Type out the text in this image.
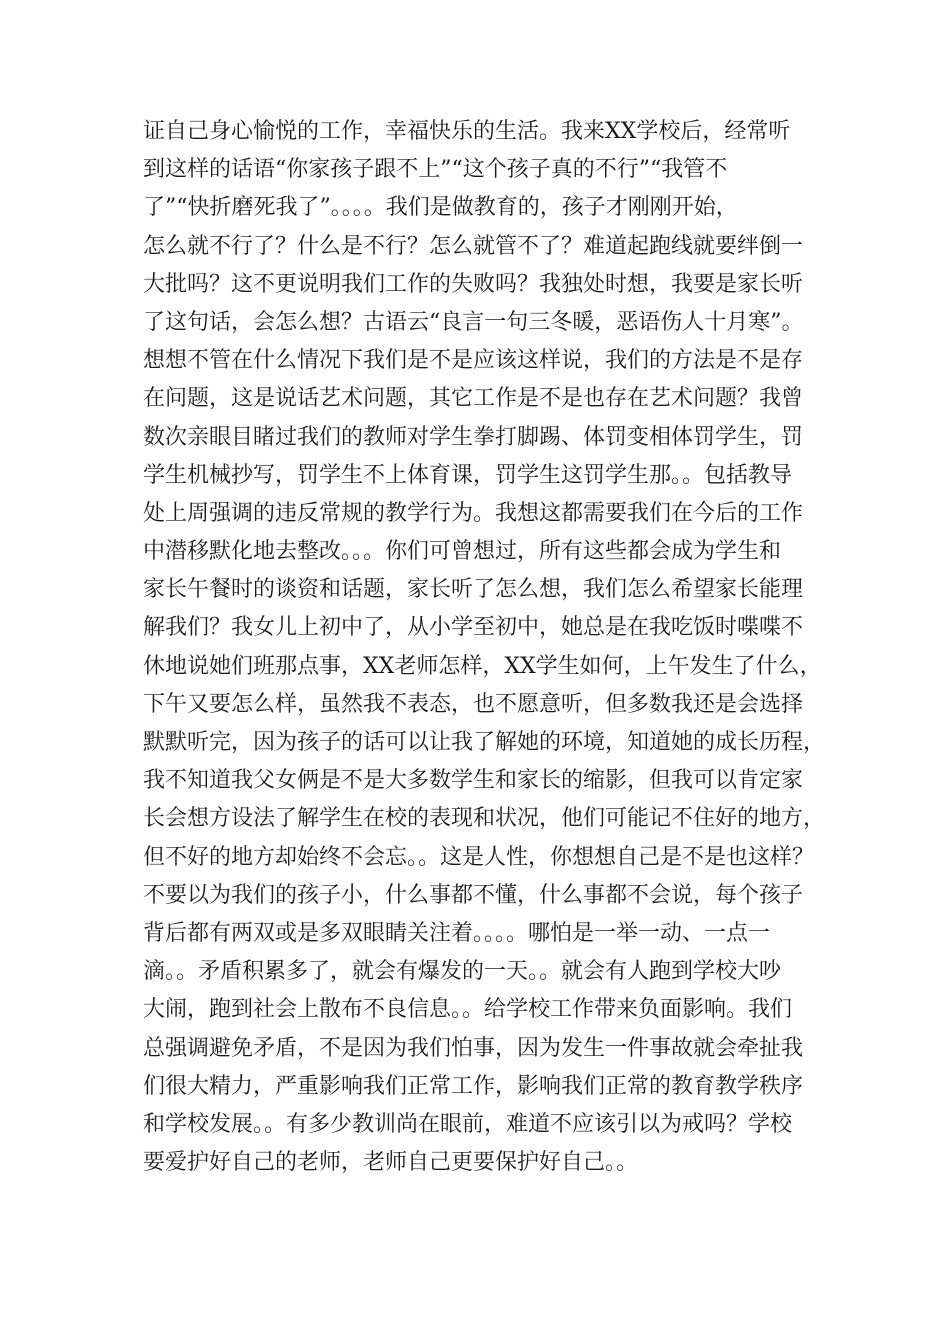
证自己身心愉悦的工作，幸福快乐的生活。我来XX学校后，经常听
到这样的话语“你家孩子跟不上”“这个孩子真的不行”“我管不
了”“快折磨死我了”。。。。我们是做教育的，孩子才刚刚开始，
怎么就不行了？什么是不行？怎么就管不了？难道起跑线就要绊倒一
大批吗？这不更说明我们工作的失败吗？我独处时想，我要是家长听
了这句话，会怎么想？古语云“良言一句三冬暖，恶语伤人十月寒”。
想想不管在什么情况下我们是不是应该这样说，我们的方法是不是存
在问题，这是说话艺术问题，其它工作是不是也存在艺术问题？我曾
数次亲眼目睹过我们的教师对学生拳打脚踢、体罚变相体罚学生，罚
学生机械抄写，罚学生不上体育课，罚学生这罚学生那。。包括教导
处上周强调的违反常规的教学行为。我想这都需要我们在今后的工作
中潜移默化地去整改。。。你们可曾想过，所有这些都会成为学生和
家长午餐时的谈资和话题，家长听了怎么想，我们怎么希望家长能理
解我们？我女儿上初中了，从小学至初中，她总是在我吃饭时喋喋不
休地说她们班那点事，XX老师怎样，XX学生如何，上午发生了什么，
下午又要怎么样，虽然我不表态，也不愿意听，但多数我还是会选择
默默听完，因为孩子的话可以让我了解她的环境，知道她的成长历程，
我不知道我父女俩是不是大多数学生和家长的缩影，但我可以肯定家
长会想方设法了解学生在校的表现和状况，他们可能记不住好的地方，
但不好的地方却始终不会忘。。这是人性，你想想自己是不是也这样？
不要以为我们的孩子小，什么事都不懂，什么事都不会说，每个孩子
背后都有两双或是多双眼睛关注着。。。。哪怕是一举一动、一点一
滴。。矛盾积累多了，就会有爆发的一天。。就会有人跑到学校大吵
大闹，跑到社会上散布不良信息。。给学校工作带来负面影响。我们
总强调避免矛盾，不是因为我们怕事，因为发生一件事故就会牵扯我
们很大精力，严重影响我们正常工作，影响我们正常的教育教学秩序
和学校发展。。有多少教训尚在眼前，难道不应该引以为戒吗？学校
要爱护好自己的老师，老师自己更要保护好自己。。
